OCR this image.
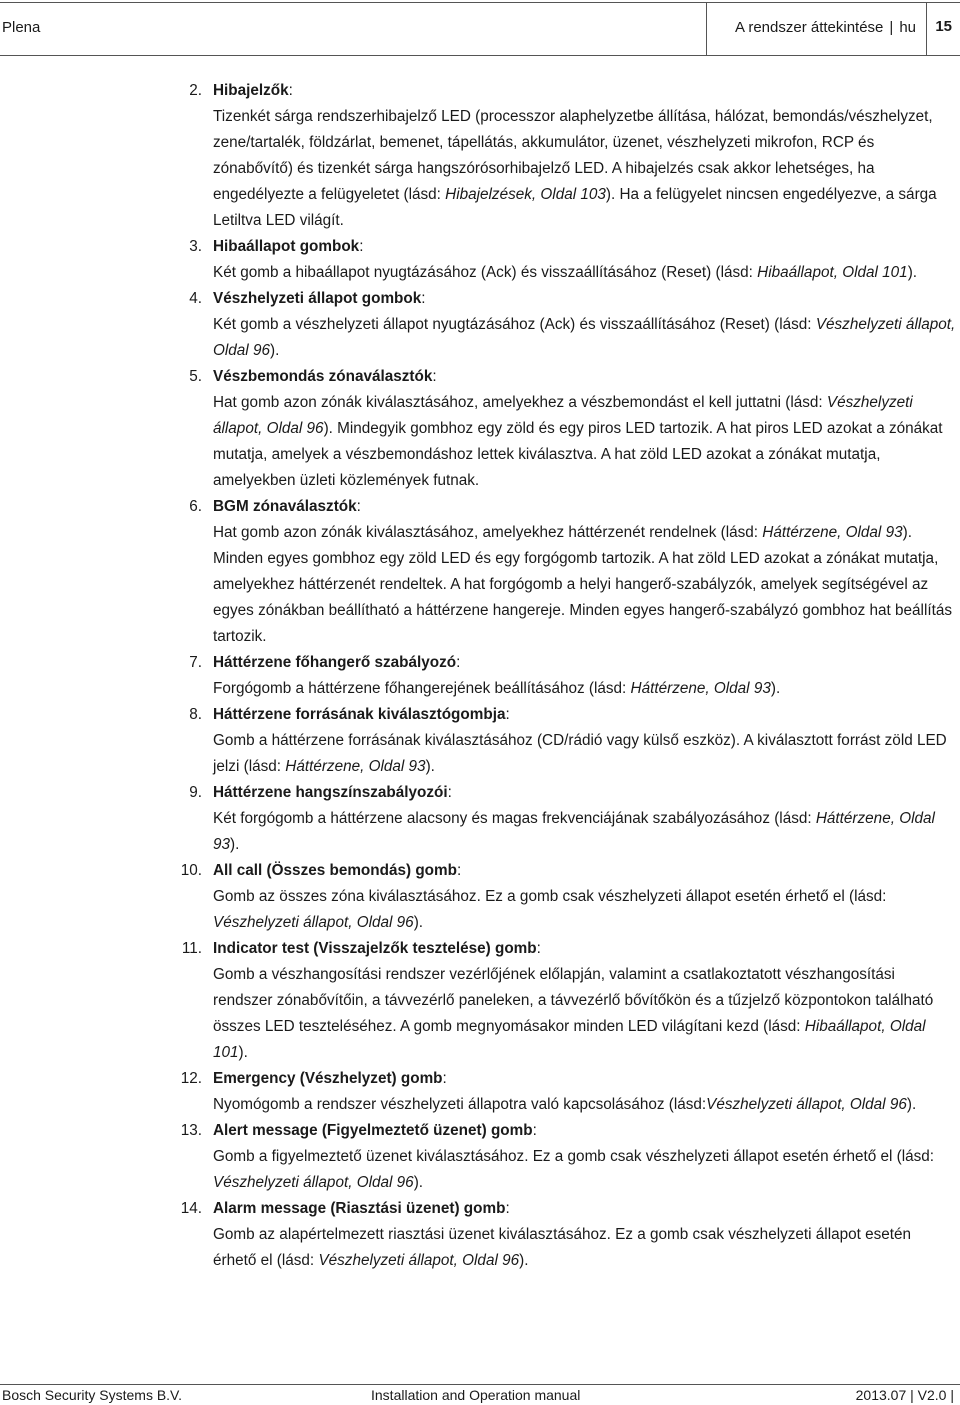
Plena	A rendszer áttekintése | hu 15
2. Hibajelzők:
Tizenkét sárga rendszerhibajelző LED (processzor alaphelyzetbe állítása, hálózat, bemondás/vészhelyzet, zene/tartalék, földzárlat, bemenet, tápellátás, akkumulátor, üzenet, vészhelyzeti mikrofon, RCP és zónabővítő) és tizenkét sárga hangszórósorhibajelző LED. A hibajelzés csak akkor lehetséges, ha engedélyezte a felügyeletet (lásd: Hibajelzések, Oldal 103). Ha a felügyelet nincsen engedélyezve, a sárga Letiltva LED világít.
3. Hibaállapot gombok:
Két gomb a hibaállapot nyugtázásához (Ack) és visszaállításához (Reset) (lásd: Hibaállapot, Oldal 101).
4. Vészhelyzeti állapot gombok:
Két gomb a vészhelyzeti állapot nyugtázásához (Ack) és visszaállításához (Reset) (lásd: Vészhelyzeti állapot, Oldal 96).
5. Vészbemondás zónaválasztók:
Hat gomb azon zónák kiválasztásához, amelyekhez a vészbemondást el kell juttatni (lásd: Vészhelyzeti állapot, Oldal 96). Mindegyik gombhoz egy zöld és egy piros LED tartozik. A hat piros LED azokat a zónákat mutatja, amelyek a vészbemondáshoz lettek kiválasztva. A hat zöld LED azokat a zónákat mutatja, amelyekben üzleti közlemények futnak.
6. BGM zónaválasztók:
Hat gomb azon zónák kiválasztásához, amelyekhez háttérzenét rendelnek (lásd: Háttérzene, Oldal 93). Minden egyes gombhoz egy zöld LED és egy forgógomb tartozik. A hat zöld LED azokat a zónákat mutatja, amelyekhez háttérzenét rendeltek. A hat forgógomb a helyi hangerő-szabályzók, amelyek segítségével az egyes zónákban beállítható a háttérzene hangereje. Minden egyes hangerő-szabályzó gombhoz hat beállítás tartozik.
7. Háttérzene főhangerő szabályozó:
Forgógomb a háttérzene főhangerejének beállításához (lásd: Háttérzene, Oldal 93).
8. Háttérzene forrásának kiválasztógombja:
Gomb a háttérzene forrásának kiválasztásához (CD/rádió vagy külső eszköz). A kiválasztott forrást zöld LED jelzi (lásd: Háttérzene, Oldal 93).
9. Háttérzene hangszínszabályozói:
Két forgógomb a háttérzene alacsony és magas frekvenciájának szabályozásához (lásd: Háttérzene, Oldal 93).
10. All call (Összes bemondás) gomb:
Gomb az összes zóna kiválasztásához. Ez a gomb csak vészhelyzeti állapot esetén érhető el (lásd: Vészhelyzeti állapot, Oldal 96).
11. Indicator test (Visszajelzők tesztelése) gomb:
Gomb a vészhangosítási rendszer vezérlőjének előlapján, valamint a csatlakoztatott vészhangosítási rendszer zónabővítőin, a távvezérlő paneleken, a távvezérlő bővítőkön és a tűzjelző központokon található összes LED teszteléséhez. A gomb megnyomásakor minden LED világítani kezd (lásd: Hibaállapot, Oldal 101).
12. Emergency (Vészhelyzet) gomb:
Nyomógomb a rendszer vészhelyzeti állapotra való kapcsolásához (lásd:Vészhelyzeti állapot, Oldal 96).
13. Alert message (Figyelmeztető üzenet) gomb:
Gomb a figyelmeztető üzenet kiválasztásához. Ez a gomb csak vészhelyzeti állapot esetén érhető el (lásd: Vészhelyzeti állapot, Oldal 96).
14. Alarm message (Riasztási üzenet) gomb:
Gomb az alapértelmezett riasztási üzenet kiválasztásához. Ez a gomb csak vészhelyzeti állapot esetén érhető el (lásd: Vészhelyzeti állapot, Oldal 96).
Bosch Security Systems B.V.	Installation and Operation manual	2013.07 | V2.0 |
